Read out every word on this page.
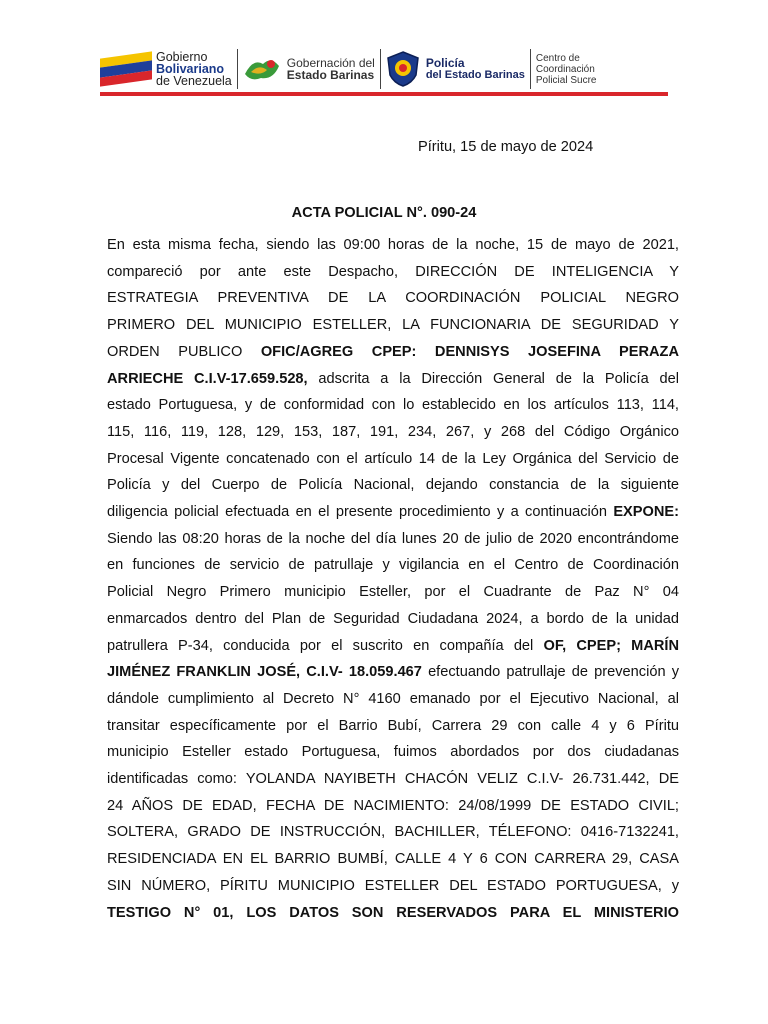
Gobierno
Bolivariano
de Venezuela
Gobernación del
Estado Barinas
Policía
del Estado Barinas
Centro de
Coordinación
Policial Sucre
Píritu, 15 de mayo de 2024
ACTA POLICIAL N°. 090-24
En esta misma fecha, siendo las 09:00 horas de la noche, 15 de mayo de 2021,
compareció por ante este Despacho, DIRECCIÓN DE INTELIGENCIA Y
ESTRATEGIA PREVENTIVA DE LA COORDINACIÓN POLICIAL NEGRO
PRIMERO DEL MUNICIPIO ESTELLER, LA FUNCIONARIA DE SEGURIDAD Y
ORDEN PUBLICO OFIC/AGREG CPEP: DENNISYS JOSEFINA PERAZA
ARRIECHE C.I.V-17.659.528, adscrita a la Dirección General de la Policía del
estado Portuguesa, y de conformidad con lo establecido en los artículos 113, 114,
115, 116, 119, 128, 129, 153, 187, 191, 234, 267, y 268 del Código Orgánico
Procesal Vigente concatenado con el artículo 14 de la Ley Orgánica del Servicio de
Policía y del Cuerpo de Policía Nacional, dejando constancia de la siguiente
diligencia policial efectuada en el presente procedimiento y a continuación EXPONE:
Siendo las 08:20 horas de la noche del día lunes 20 de julio de 2020 encontrándome
en funciones de servicio de patrullaje y vigilancia en el Centro de Coordinación
Policial Negro Primero municipio Esteller, por el Cuadrante de Paz N° 04
enmarcados dentro del Plan de Seguridad Ciudadana 2024, a bordo de la unidad
patrullera P-34, conducida por el suscrito en compañía del OF, CPEP; MARÍN
JIMÉNEZ FRANKLIN JOSÉ, C.I.V- 18.059.467 efectuando patrullaje de prevención y
dándole cumplimiento al Decreto N° 4160 emanado por el Ejecutivo Nacional, al
transitar específicamente por el Barrio Bubí, Carrera 29 con calle 4 y 6 Píritu
municipio Esteller estado Portuguesa, fuimos abordados por dos ciudadanas
identificadas como: YOLANDA NAYIBETH CHACÓN VELIZ C.I.V- 26.731.442, DE
24 AÑOS DE EDAD, FECHA DE NACIMIENTO: 24/08/1999 DE ESTADO CIVIL;
SOLTERA, GRADO DE INSTRUCCIÓN, BACHILLER, TÉLEFONO: 0416-7132241,
RESIDENCIADA EN EL BARRIO BUMBÍ, CALLE 4 Y 6 CON CARRERA 29, CASA
SIN NÚMERO, PÍRITU MUNICIPIO ESTELLER DEL ESTADO PORTUGUESA, y
TESTIGO N° 01, LOS DATOS SON RESERVADOS PARA EL MINISTERIO
